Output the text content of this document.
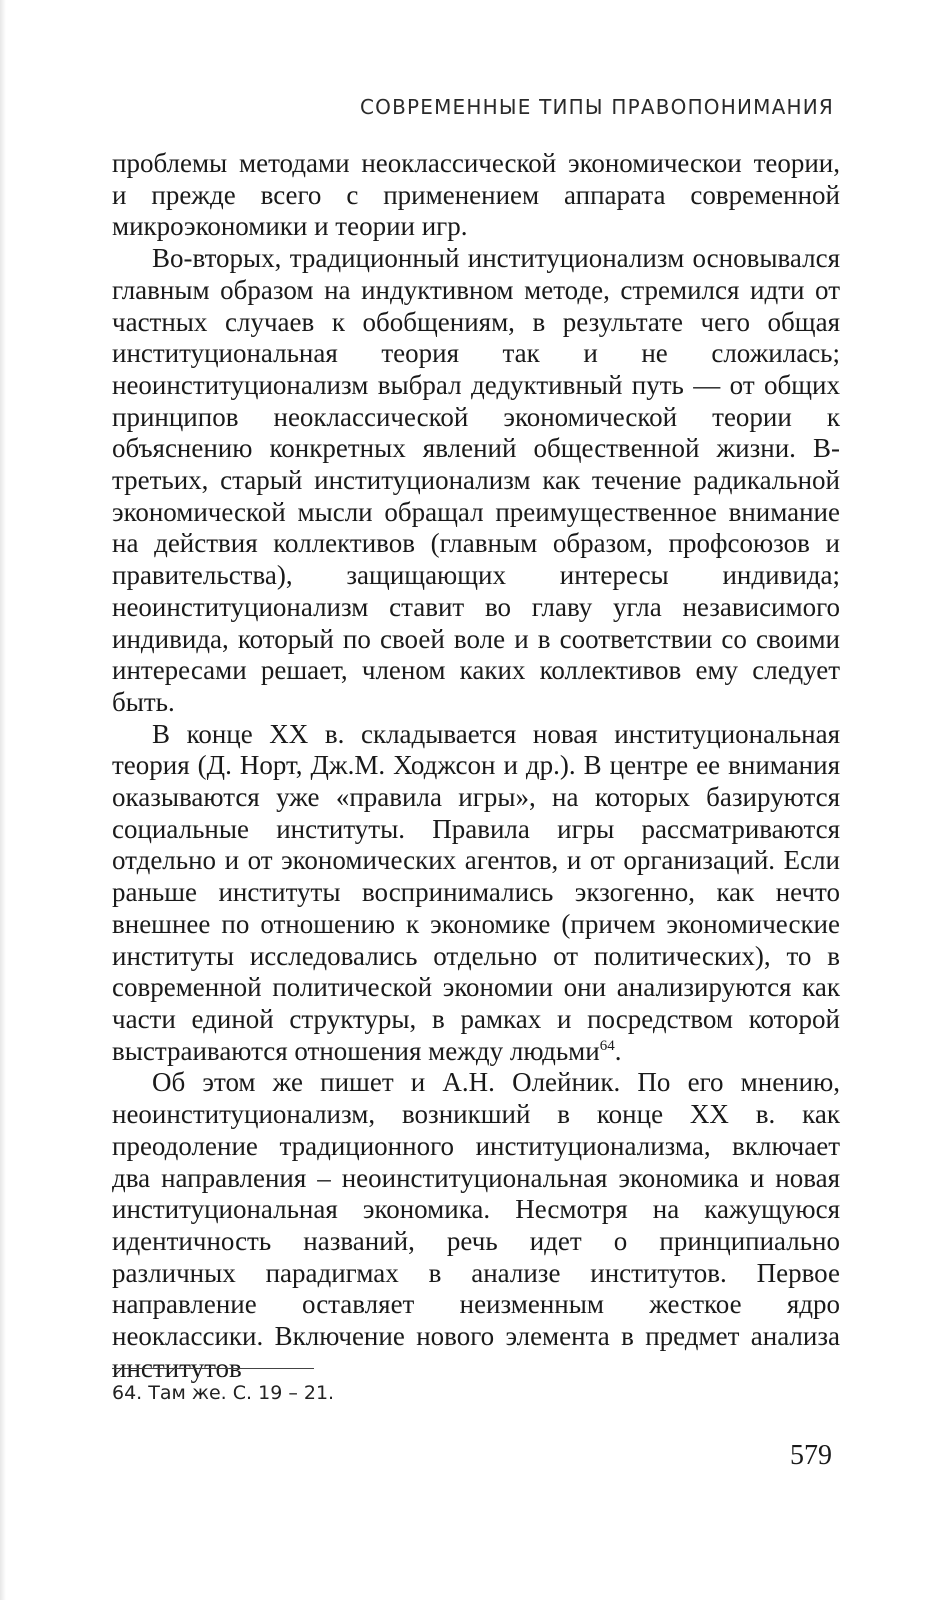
СОВРЕМЕННЫЕ ТИПЫ ПРАВОПОНИМАНИЯ

проблемы методами неоклассической экономическои теории, и прежде всего с применением аппарата современной микроэкономики и теории игр.

Во-вторых, традиционный институционализм основывался главным образом на индуктивном методе, стремился идти от частных случаев к обобщениям, в результате чего общая институциональная теория так и не сложилась; неоинституционализм выбрал дедуктивный путь — от общих принципов неоклассической экономической теории к объяснению конкретных явлений общественной жизни. В-третьих, старый институционализм как течение радикальной экономической мысли обращал преимущественное внимание на действия коллективов (главным образом, профсоюзов и правительства), защищающих интересы индивида; неоинституционализм ставит во главу угла независимого индивида, который по своей воле и в соответствии со своими интересами решает, членом каких коллективов ему следует быть.

В конце XX в. складывается новая институциональная теория (Д. Норт, Дж.М. Ходжсон и др.). В центре ее внимания оказываются уже «правила игры», на которых базируются социальные институты. Правила игры рассматриваются отдельно и от экономических агентов, и от организаций. Если раньше институты воспринимались экзогенно, как нечто внешнее по отношению к экономике (причем экономические институты исследовались отдельно от политических), то в современной политической экономии они анализируются как части единой структуры, в рамках и посредством которой выстраиваются отношения между людьми$^{64}$.

Об этом же пишет и А.Н. Олейник. По его мнению, неоинституционализм, возникший в конце XX в. как преодоление традиционного институционализма, включает два направления – неоинституциональная экономика и новая институциональная экономика. Несмотря на кажущуюся идентичность названий, речь идет о принципиально различных парадигмах в анализе институтов. Первое направление оставляет неизменным жесткое ядро неоклассики. Включение нового элемента в предмет анализа институтов

64. Там же. С. 19 – 21.
579
